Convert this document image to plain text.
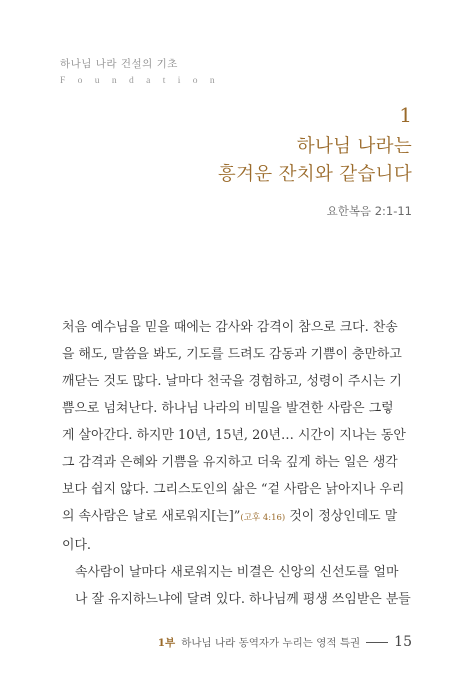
하나님 나라 건설의 기초
F o u n d a t i o n
1
하나님 나라는
흥겨운 잔치와 같습니다
요한복음 2:1-11

처음 예수님을 믿을 때에는 감사와 감격이 참으로 크다. 찬송
을 해도, 말씀을 봐도, 기도를 드려도 감동과 기쁨이 충만하고
깨닫는 것도 많다. 날마다 천국을 경험하고, 성령이 주시는 기
쁨으로 넘쳐난다. 하나님 나라의 비밀을 발견한 사람은 그렇
게 살아간다. 하지만 10년, 15년, 20년… 시간이 지나는 동안
그 감격과 은혜와 기쁨을 유지하고 더욱 깊게 하는 일은 생각
보다 쉽지 않다. 그리스도인의 삶은 “겉 사람은 낡아지나 우리
의 속사람은 날로 새로워지[는]”(고후 4:16) 것이 정상인데도 말
이다.

속사람이 날마다 새로워지는 비결은 신앙의 신선도를 얼마
나 잘 유지하느냐에 달려 있다. 하나님께 평생 쓰임받은 분들

1부 하나님 나라 동역자가 누리는 영적 특권 15
